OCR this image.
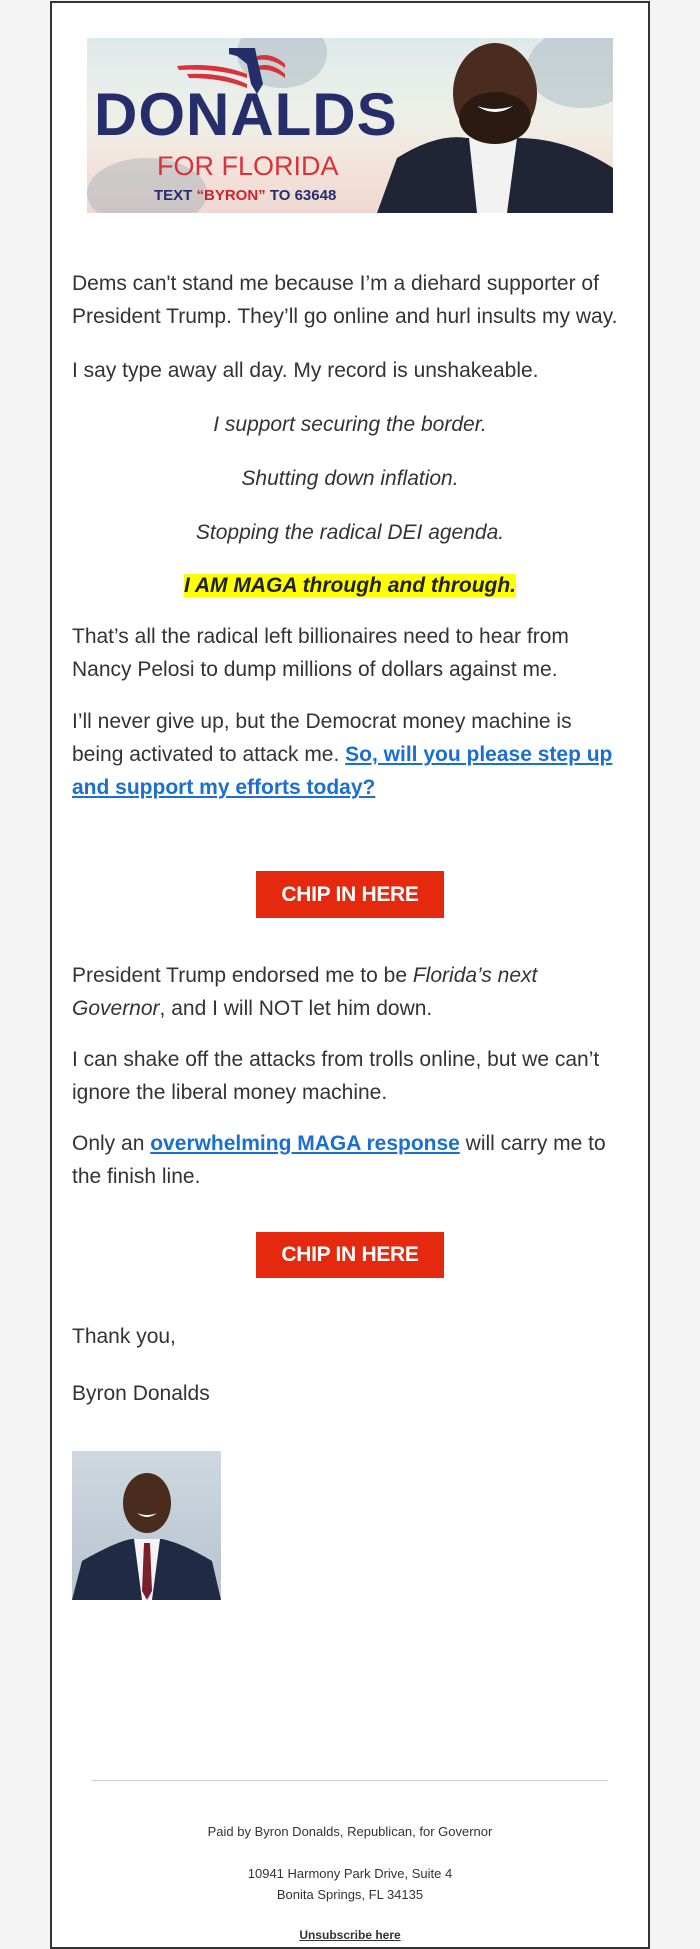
DONALDS
FOR FLORIDA
TEXT “BYRON” TO 63648

Dems can't stand me because I’m a diehard supporter of President Trump. They’ll go online and hurl insults my way.

I say type away all day. My record is unshakeable.

I support securing the border.

Shutting down inflation.

Stopping the radical DEI agenda.

I AM MAGA through and through.

That’s all the radical left billionaires need to hear from Nancy Pelosi to dump millions of dollars against me.

I’ll never give up, but the Democrat money machine is being activated to attack me. So, will you please step up and support my efforts today?

CHIP IN HERE

President Trump endorsed me to be Florida’s next Governor, and I will NOT let him down.

I can shake off the attacks from trolls online, but we can’t ignore the liberal money machine.

Only an overwhelming MAGA response will carry me to the finish line.

CHIP IN HERE

Thank you,

Byron Donalds

Paid by Byron Donalds, Republican, for Governor
10941 Harmony Park Drive, Suite 4
Bonita Springs, FL 34135
Unsubscribe here
